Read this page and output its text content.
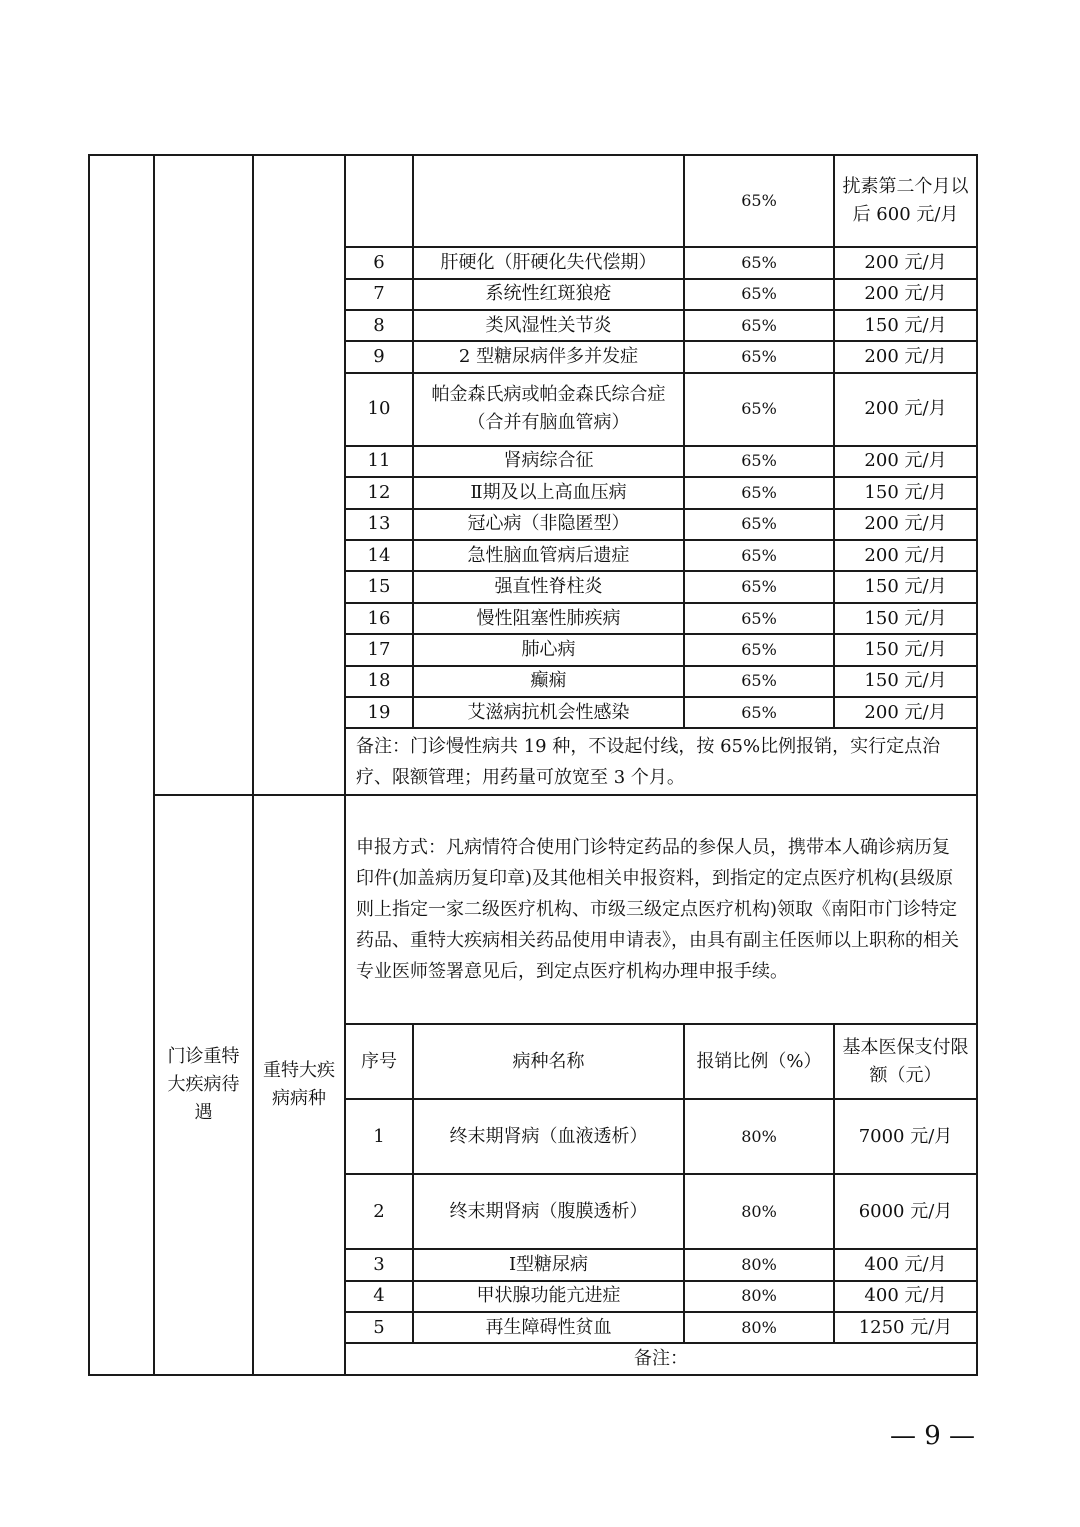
					65%	扰素第二个月以后 600 元/月
			6	肝硬化（肝硬化失代偿期）	65%	200 元/月
			7	系统性红斑狼疮	65%	200 元/月
			8	类风湿性关节炎	65%	150 元/月
			9	2 型糖尿病伴多并发症	65%	200 元/月
			10	帕金森氏病或帕金森氏综合症（合并有脑血管病）	65%	200 元/月
			11	肾病综合征	65%	200 元/月
			12	Ⅱ期及以上高血压病	65%	150 元/月
			13	冠心病（非隐匿型）	65%	200 元/月
			14	急性脑血管病后遗症	65%	200 元/月
			15	强直性脊柱炎	65%	150 元/月
			16	慢性阻塞性肺疾病	65%	150 元/月
			17	肺心病	65%	150 元/月
			18	癫痫	65%	150 元/月
			19	艾滋病抗机会性感染	65%	200 元/月
			备注：门诊慢性病共 19 种，不设起付线，按 65%比例报销，实行定点治疗、限额管理；用药量可放宽至 3 个月。			
	门诊重特大疾病待遇	重特大疾病病种	申报方式：凡病情符合使用门诊特定药品的参保人员，携带本人确诊病历复印件(加盖病历复印章)及其他相关申报资料，到指定的定点医疗机构(县级原则上指定一家二级医疗机构、市级三级定点医疗机构)领取《南阳市门诊特定药品、重特大疾病相关药品使用申请表》，由具有副主任医师以上职称的相关专业医师签署意见后，到定点医疗机构办理申报手续。			
			序号	病种名称	报销比例（%）	基本医保支付限额（元）
			1	终末期肾病（血液透析）	80%	7000 元/月
			2	终末期肾病（腹膜透析）	80%	6000 元/月
			3	Ⅰ型糖尿病	80%	400 元/月
			4	甲状腺功能亢进症	80%	400 元/月
			5	再生障碍性贫血	80%	1250 元/月
			备注：			
— 9 —
